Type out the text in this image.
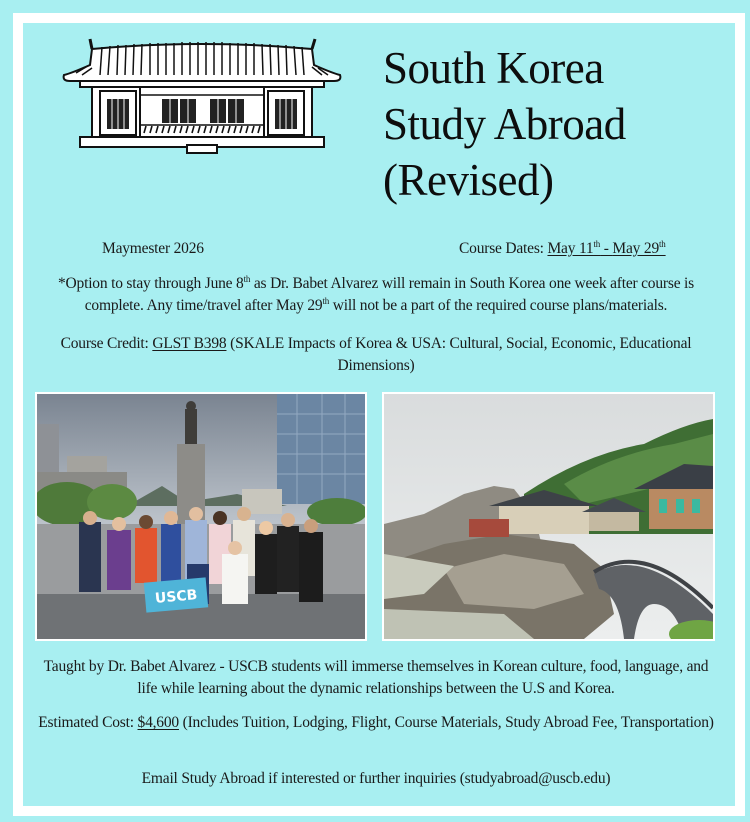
South Korea
Study Abroad
(Revised)
Maymester 2026	Course Dates: May 11th - May 29th
*Option to stay through June 8th as Dr. Babet Alvarez will remain in South Korea one week after course is complete. Any time/travel after May 29th will not be a part of the required course plans/materials.
Course Credit: GLST B398 (SKALE Impacts of Korea & USA: Cultural, Social, Economic, Educational Dimensions)
USCB
Taught by Dr. Babet Alvarez - USCB students will immerse themselves in Korean culture, food, language, and life while learning about the dynamic relationships between the U.S and Korea.
Estimated Cost: $4,600 (Includes Tuition, Lodging, Flight, Course Materials, Study Abroad Fee, Transportation)
Email Study Abroad if interested or further inquiries (studyabroad@uscb.edu)
